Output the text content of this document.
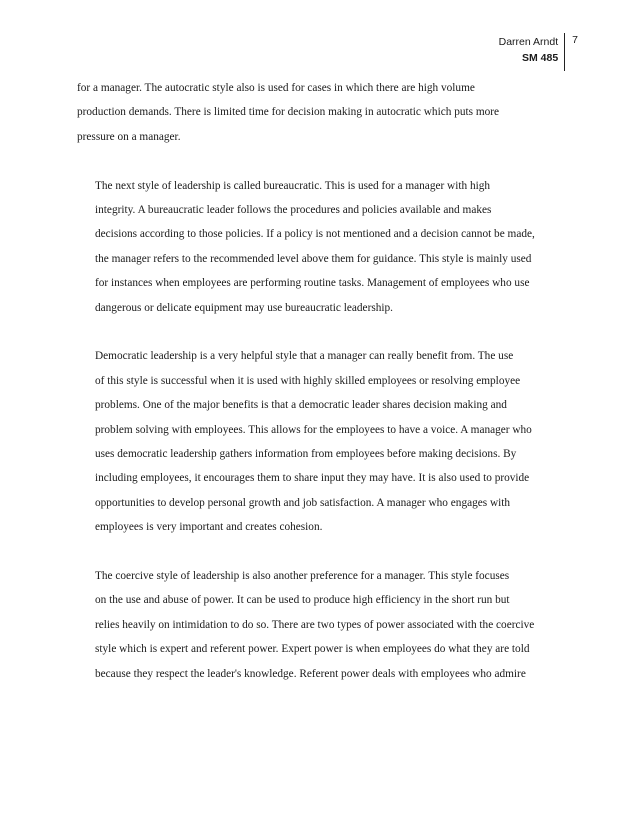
Darren Arndt
SM 485
7

for a manager. The autocratic style also is used for cases in which there are high volume
production demands. There is limited time for decision making in autocratic which puts more
pressure on a manager.

The next style of leadership is called bureaucratic. This is used for a manager with high
integrity. A bureaucratic leader follows the procedures and policies available and makes
decisions according to those policies. If a policy is not mentioned and a decision cannot be made,
the manager refers to the recommended level above them for guidance. This style is mainly used
for instances when employees are performing routine tasks. Management of employees who use
dangerous or delicate equipment may use bureaucratic leadership.

Democratic leadership is a very helpful style that a manager can really benefit from. The use
of this style is successful when it is used with highly skilled employees or resolving employee
problems. One of the major benefits is that a democratic leader shares decision making and
problem solving with employees. This allows for the employees to have a voice. A manager who
uses democratic leadership gathers information from employees before making decisions. By
including employees, it encourages them to share input they may have. It is also used to provide
opportunities to develop personal growth and job satisfaction. A manager who engages with
employees is very important and creates cohesion.

The coercive style of leadership is also another preference for a manager. This style focuses
on the use and abuse of power. It can be used to produce high efficiency in the short run but
relies heavily on intimidation to do so. There are two types of power associated with the coercive
style which is expert and referent power. Expert power is when employees do what they are told
because they respect the leader's knowledge. Referent power deals with employees who admire
